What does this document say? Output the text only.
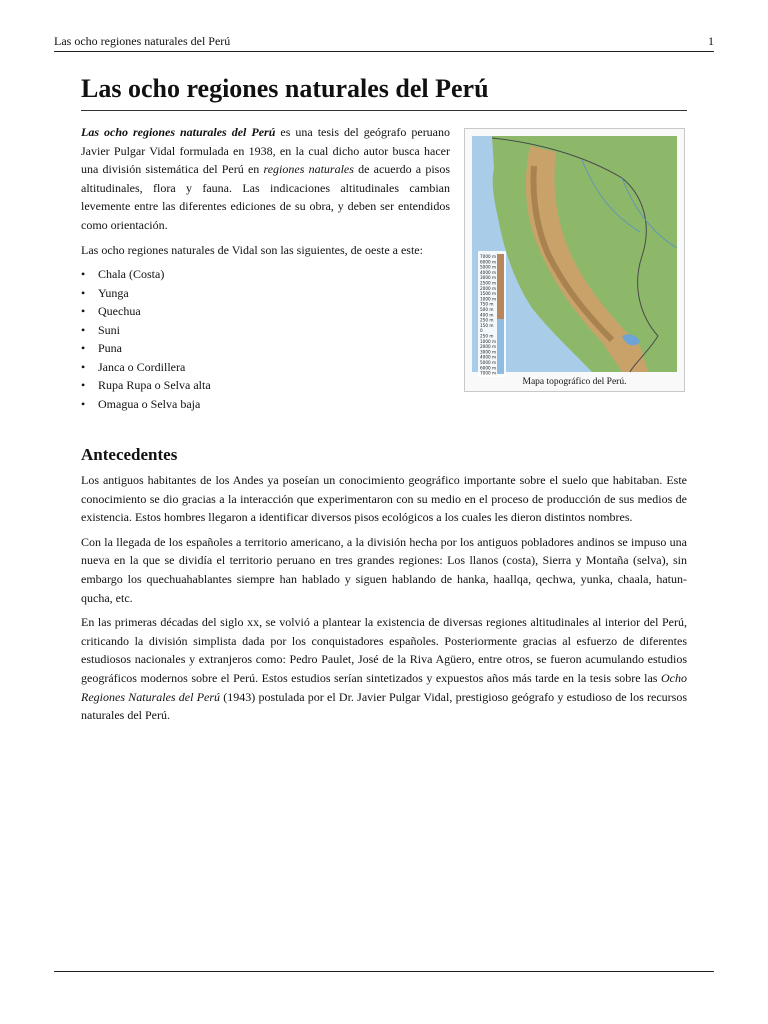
Las ocho regiones naturales del Perú	1
Las ocho regiones naturales del Perú

Las ocho regiones naturales del Perú es una tesis del geógrafo peruano Javier Pulgar Vidal formulada en 1938, en la cual dicho autor busca hacer una división sistemática del Perú en regiones naturales de acuerdo a pisos altitudinales, flora y fauna. Las indicaciones altitudinales cambian levemente entre las diferentes ediciones de su obra, y deben ser entendidos como orientación.

Las ocho regiones naturales de Vidal son las siguientes, de oeste a este:

• Chala (Costa)
• Yunga
• Quechua
• Suni
• Puna
• Janca o Cordillera
• Rupa Rupa o Selva alta
• Omagua o Selva baja
7000 m
6000 m
5000 m
4000 m
3000 m
2500 m
2000 m
1500 m
1000 m
750 m
500 m
400 m
250 m
150 m
0
250 m
1000 m
2000 m
3000 m
4000 m
5000 m
6000 m
7000 m
Mapa topográfico del Perú.
Antecedentes

Los antiguos habitantes de los Andes ya poseían un conocimiento geográfico importante sobre el suelo que habitaban. Este conocimiento se dio gracias a la interacción que experimentaron con su medio en el proceso de producción de sus medios de existencia. Estos hombres llegaron a identificar diversos pisos ecológicos a los cuales les dieron distintos nombres.

Con la llegada de los españoles a territorio americano, a la división hecha por los antiguos pobladores andinos se impuso una nueva en la que se dividía el territorio peruano en tres grandes regiones: Los llanos (costa), Sierra y Montaña (selva), sin embargo los quechuahablantes siempre han hablado y siguen hablando de hanka, haallqa, qechwa, yunka, chaala, hatun-qucha, etc.

En las primeras décadas del siglo xx, se volvió a plantear la existencia de diversas regiones altitudinales al interior del Perú, criticando la división simplista dada por los conquistadores españoles. Posteriormente gracias al esfuerzo de diferentes estudiosos nacionales y extranjeros como: Pedro Paulet, José de la Riva Agüero, entre otros, se fueron acumulando estudios geográficos modernos sobre el Perú. Estos estudios serían sintetizados y expuestos años más tarde en la tesis sobre las Ocho Regiones Naturales del Perú (1943) postulada por el Dr. Javier Pulgar Vidal, prestigioso geógrafo y estudioso de los recursos naturales del Perú.
